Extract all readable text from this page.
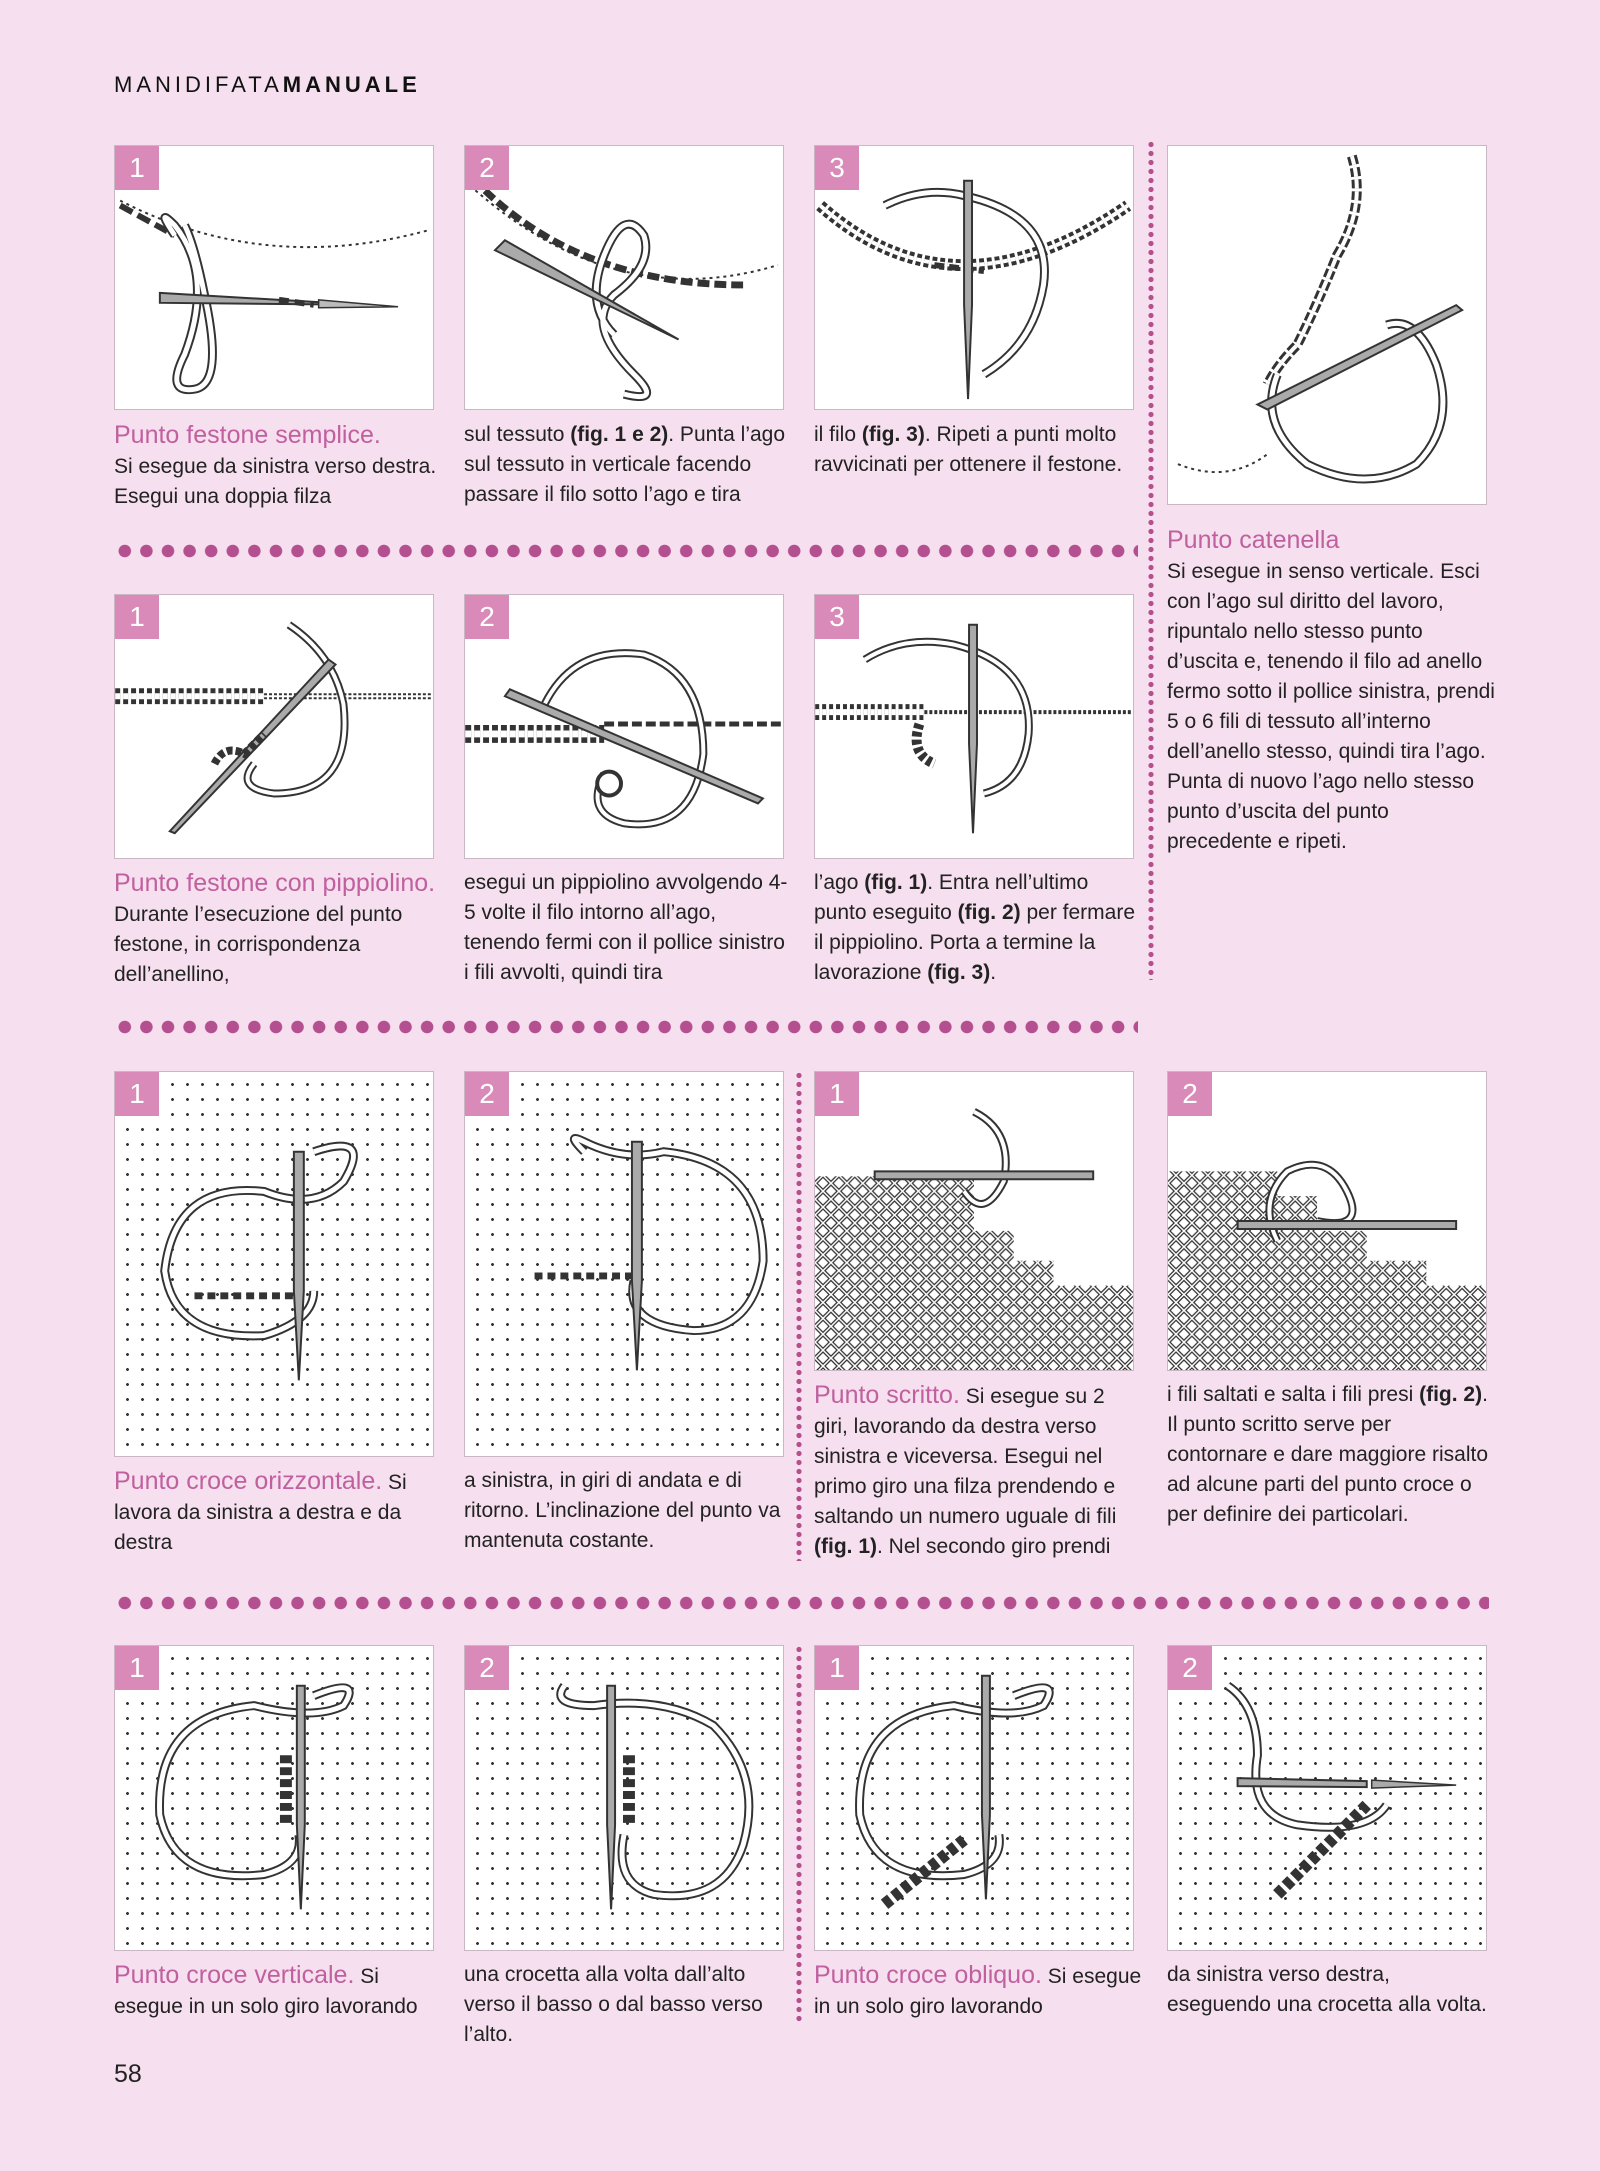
MANIDIFATAMANUALE
1	2	3
Punto festone semplice.
Si esegue da sinistra verso destra. Esegui una doppia filza
sul tessuto (fig. 1 e 2). Punta l’ago sul tessuto in verticale facendo passare il filo sotto l’ago e tira
il filo (fig. 3). Ripeti a punti molto ravvicinati per ottenere il festone.
Punto catenella
Si esegue in senso verticale. Esci con l’ago sul diritto del lavoro, ripuntalo nello stesso punto d’uscita e, tenendo il filo ad anello fermo sotto il pollice sinistra, prendi 5 o 6 fili di tessuto all’interno dell’anello stesso, quindi tira l’ago. Punta di nuovo l’ago nello stesso punto d’uscita del punto precedente e ripeti.
1	2	3
Punto festone con pippiolino. Durante l’esecuzione del punto festone, in corrispondenza dell’anellino,
esegui un pippiolino avvolgendo 4-5 volte il filo intorno all’ago, tenendo fermi con il pollice sinistro i fili avvolti, quindi tira
l’ago (fig. 1). Entra nell’ultimo punto eseguito (fig. 2) per fermare il pippiolino. Porta a termine la lavorazione (fig. 3).
1	2	1	2
Punto croce orizzontale. Si lavora da sinistra a destra e da destra
a sinistra, in giri di andata e di ritorno. L’inclinazione del punto va mantenuta costante.
Punto scritto. Si esegue su 2 giri, lavorando da destra verso sinistra e viceversa. Esegui nel primo giro una filza prendendo e saltando un numero uguale di fili (fig. 1). Nel secondo giro prendi
i fili saltati e salta i fili presi (fig. 2). Il punto scritto serve per contornare e dare maggiore risalto ad alcune parti del punto croce o per definire dei particolari.
1	2	1	2
Punto croce verticale. Si esegue in un solo giro lavorando
una crocetta alla volta dall’alto verso il basso o dal basso verso l’alto.
Punto croce obliquo. Si esegue in un solo giro lavorando
da sinistra verso destra, eseguendo una crocetta alla volta.
58
